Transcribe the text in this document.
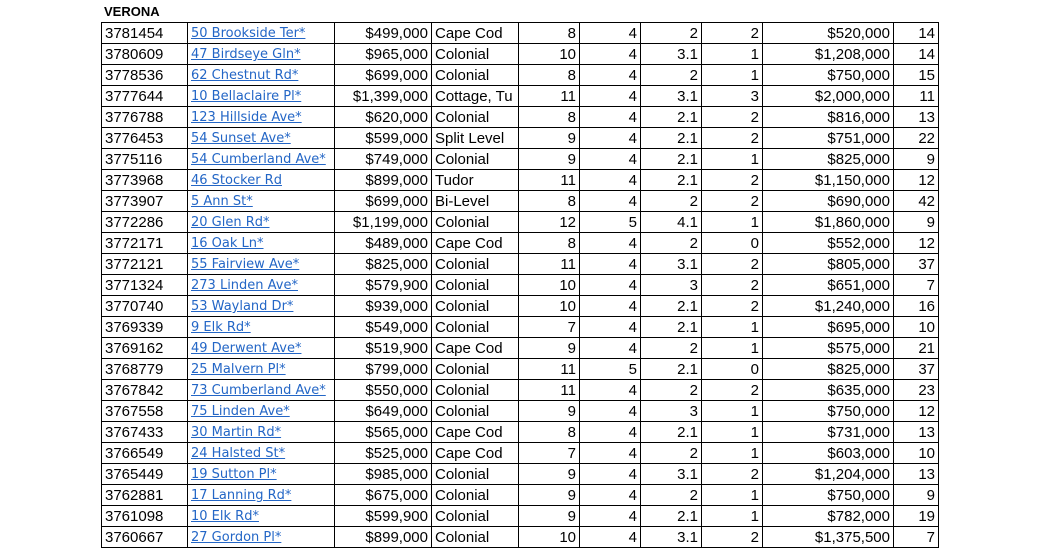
VERONA
3781454	50 Brookside Ter*	$499,000	Cape Cod	8	4	2	2	$520,000	14
3780609	47 Birdseye Gln*	$965,000	Colonial	10	4	3.1	1	$1,208,000	14
3778536	62 Chestnut Rd*	$699,000	Colonial	8	4	2	1	$750,000	15
3777644	10 Bellaclaire Pl*	$1,399,000	Cottage, Tu	11	4	3.1	3	$2,000,000	11
3776788	123 Hillside Ave*	$620,000	Colonial	8	4	2.1	2	$816,000	13
3776453	54 Sunset Ave*	$599,000	Split Level	9	4	2.1	2	$751,000	22
3775116	54 Cumberland Ave*	$749,000	Colonial	9	4	2.1	1	$825,000	9
3773968	46 Stocker Rd	$899,000	Tudor	11	4	2.1	2	$1,150,000	12
3773907	5 Ann St*	$699,000	Bi-Level	8	4	2	2	$690,000	42
3772286	20 Glen Rd*	$1,199,000	Colonial	12	5	4.1	1	$1,860,000	9
3772171	16 Oak Ln*	$489,000	Cape Cod	8	4	2	0	$552,000	12
3772121	55 Fairview Ave*	$825,000	Colonial	11	4	3.1	2	$805,000	37
3771324	273 Linden Ave*	$579,900	Colonial	10	4	3	2	$651,000	7
3770740	53 Wayland Dr*	$939,000	Colonial	10	4	2.1	2	$1,240,000	16
3769339	9 Elk Rd*	$549,000	Colonial	7	4	2.1	1	$695,000	10
3769162	49 Derwent Ave*	$519,900	Cape Cod	9	4	2	1	$575,000	21
3768779	25 Malvern Pl*	$799,000	Colonial	11	5	2.1	0	$825,000	37
3767842	73 Cumberland Ave*	$550,000	Colonial	11	4	2	2	$635,000	23
3767558	75 Linden Ave*	$649,000	Colonial	9	4	3	1	$750,000	12
3767433	30 Martin Rd*	$565,000	Cape Cod	8	4	2.1	1	$731,000	13
3766549	24 Halsted St*	$525,000	Cape Cod	7	4	2	1	$603,000	10
3765449	19 Sutton Pl*	$985,000	Colonial	9	4	3.1	2	$1,204,000	13
3762881	17 Lanning Rd*	$675,000	Colonial	9	4	2	1	$750,000	9
3761098	10 Elk Rd*	$599,900	Colonial	9	4	2.1	1	$782,000	19
3760667	27 Gordon Pl*	$899,000	Colonial	10	4	3.1	2	$1,375,500	7
